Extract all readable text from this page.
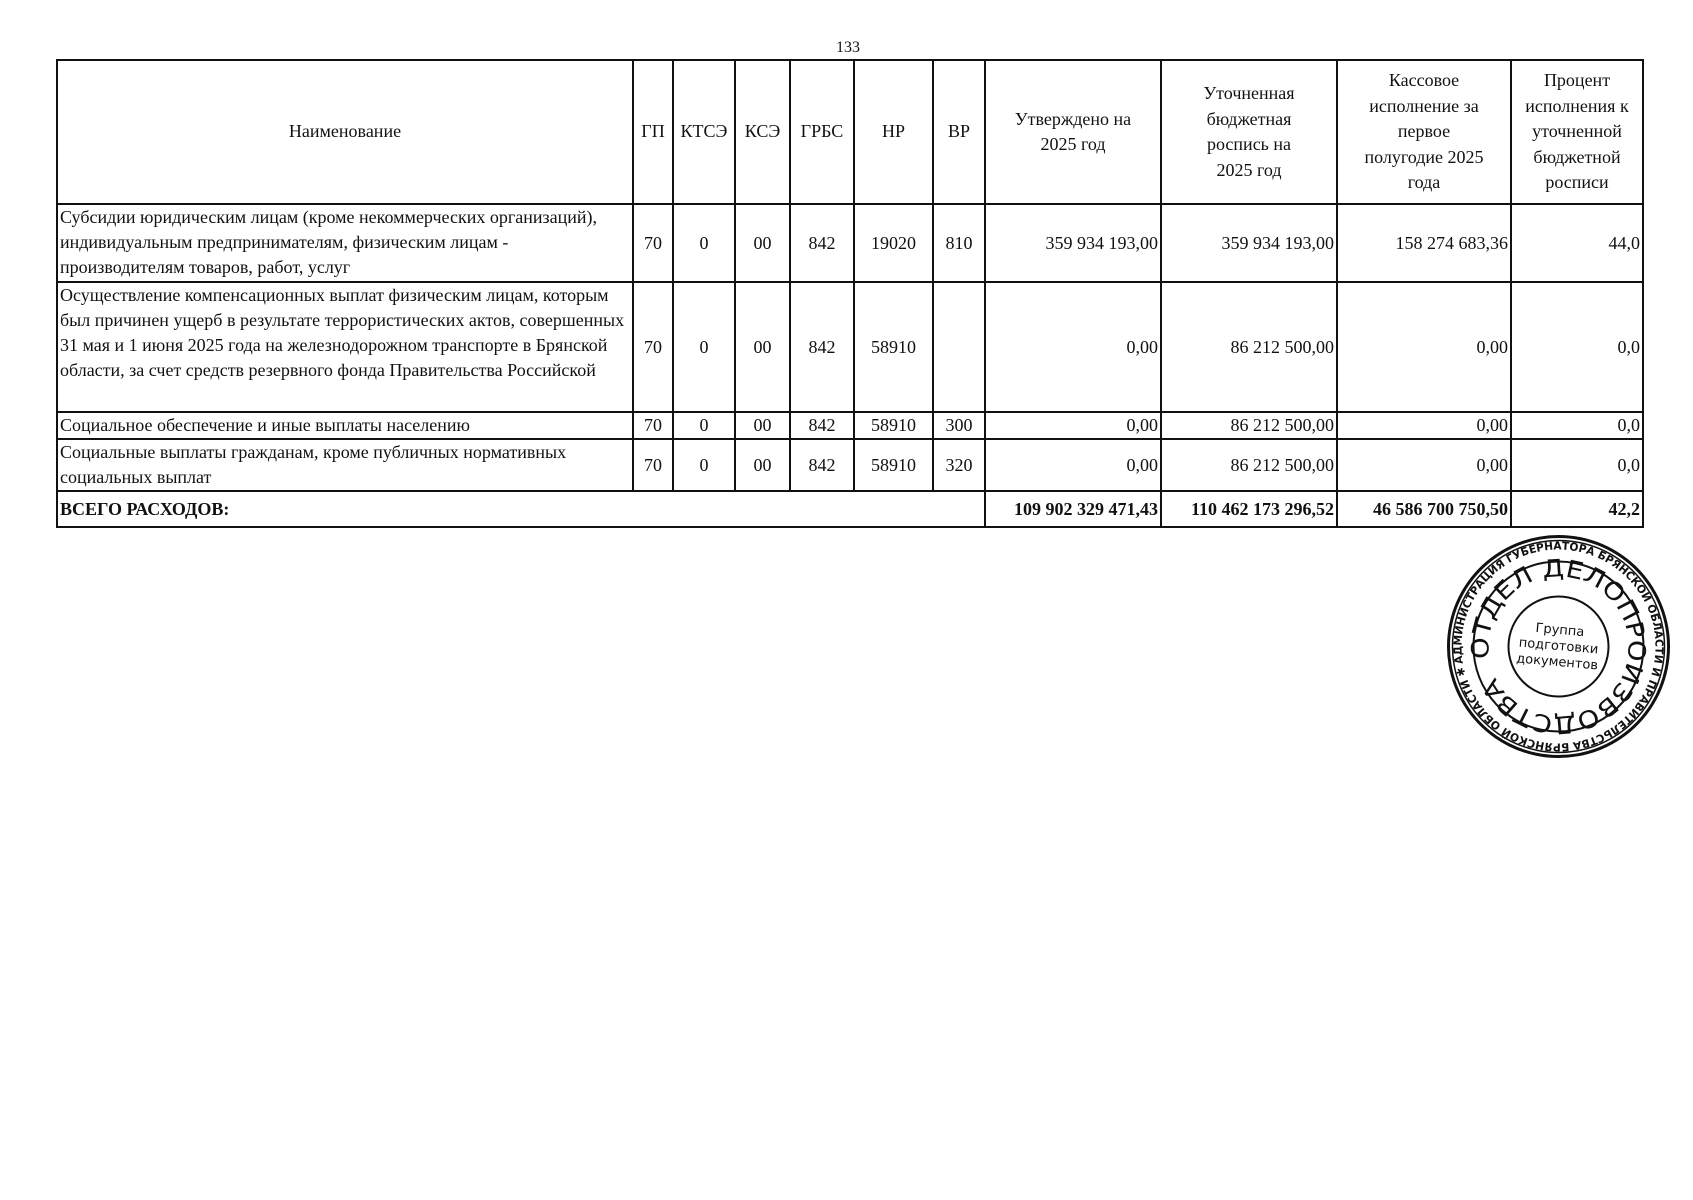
133
Наименование	ГП	КТСЭ	КСЭ	ГРБС	НР	ВР	Утверждено на 2025 год	Уточненная бюджетная роспись на 2025 год	Кассовое исполнение за первое полугодие 2025 года	Процент исполнения к уточненной бюджетной росписи
Субсидии юридическим лицам (кроме некоммерческих организаций), индивидуальным предпринимателям, физическим лицам - производителям товаров, работ, услуг	70	0	00	842	19020	810	359 934 193,00	359 934 193,00	158 274 683,36	44,0
Осуществление компенсационных выплат физическим лицам, которым был причинен ущерб в результате террористических актов, совершенных 31 мая и 1 июня 2025 года на железнодорожном транспорте в Брянской области, за счет средств резервного фонда Правительства Российской	70	0	00	842	58910		0,00	86 212 500,00	0,00	0,0
Социальное обеспечение и иные выплаты населению	70	0	00	842	58910	300	0,00	86 212 500,00	0,00	0,0
Социальные выплаты гражданам, кроме публичных нормативных социальных выплат	70	0	00	842	58910	320	0,00	86 212 500,00	0,00	0,0
ВСЕГО РАСХОДОВ:							109 902 329 471,43	110 462 173 296,52	46 586 700 750,50	42,2
АДМИНИСТРАЦИЯ ГУБЕРНАТОРА БРЯНСКОЙ ОБЛАСТИ И ПРАВИТЕЛЬСТВА БРЯНСКОЙ ОБЛАСТИ ✱
ОТДЕЛ ДЕЛОПРОИЗВОДСТВА
Группа
подготовки
документов
